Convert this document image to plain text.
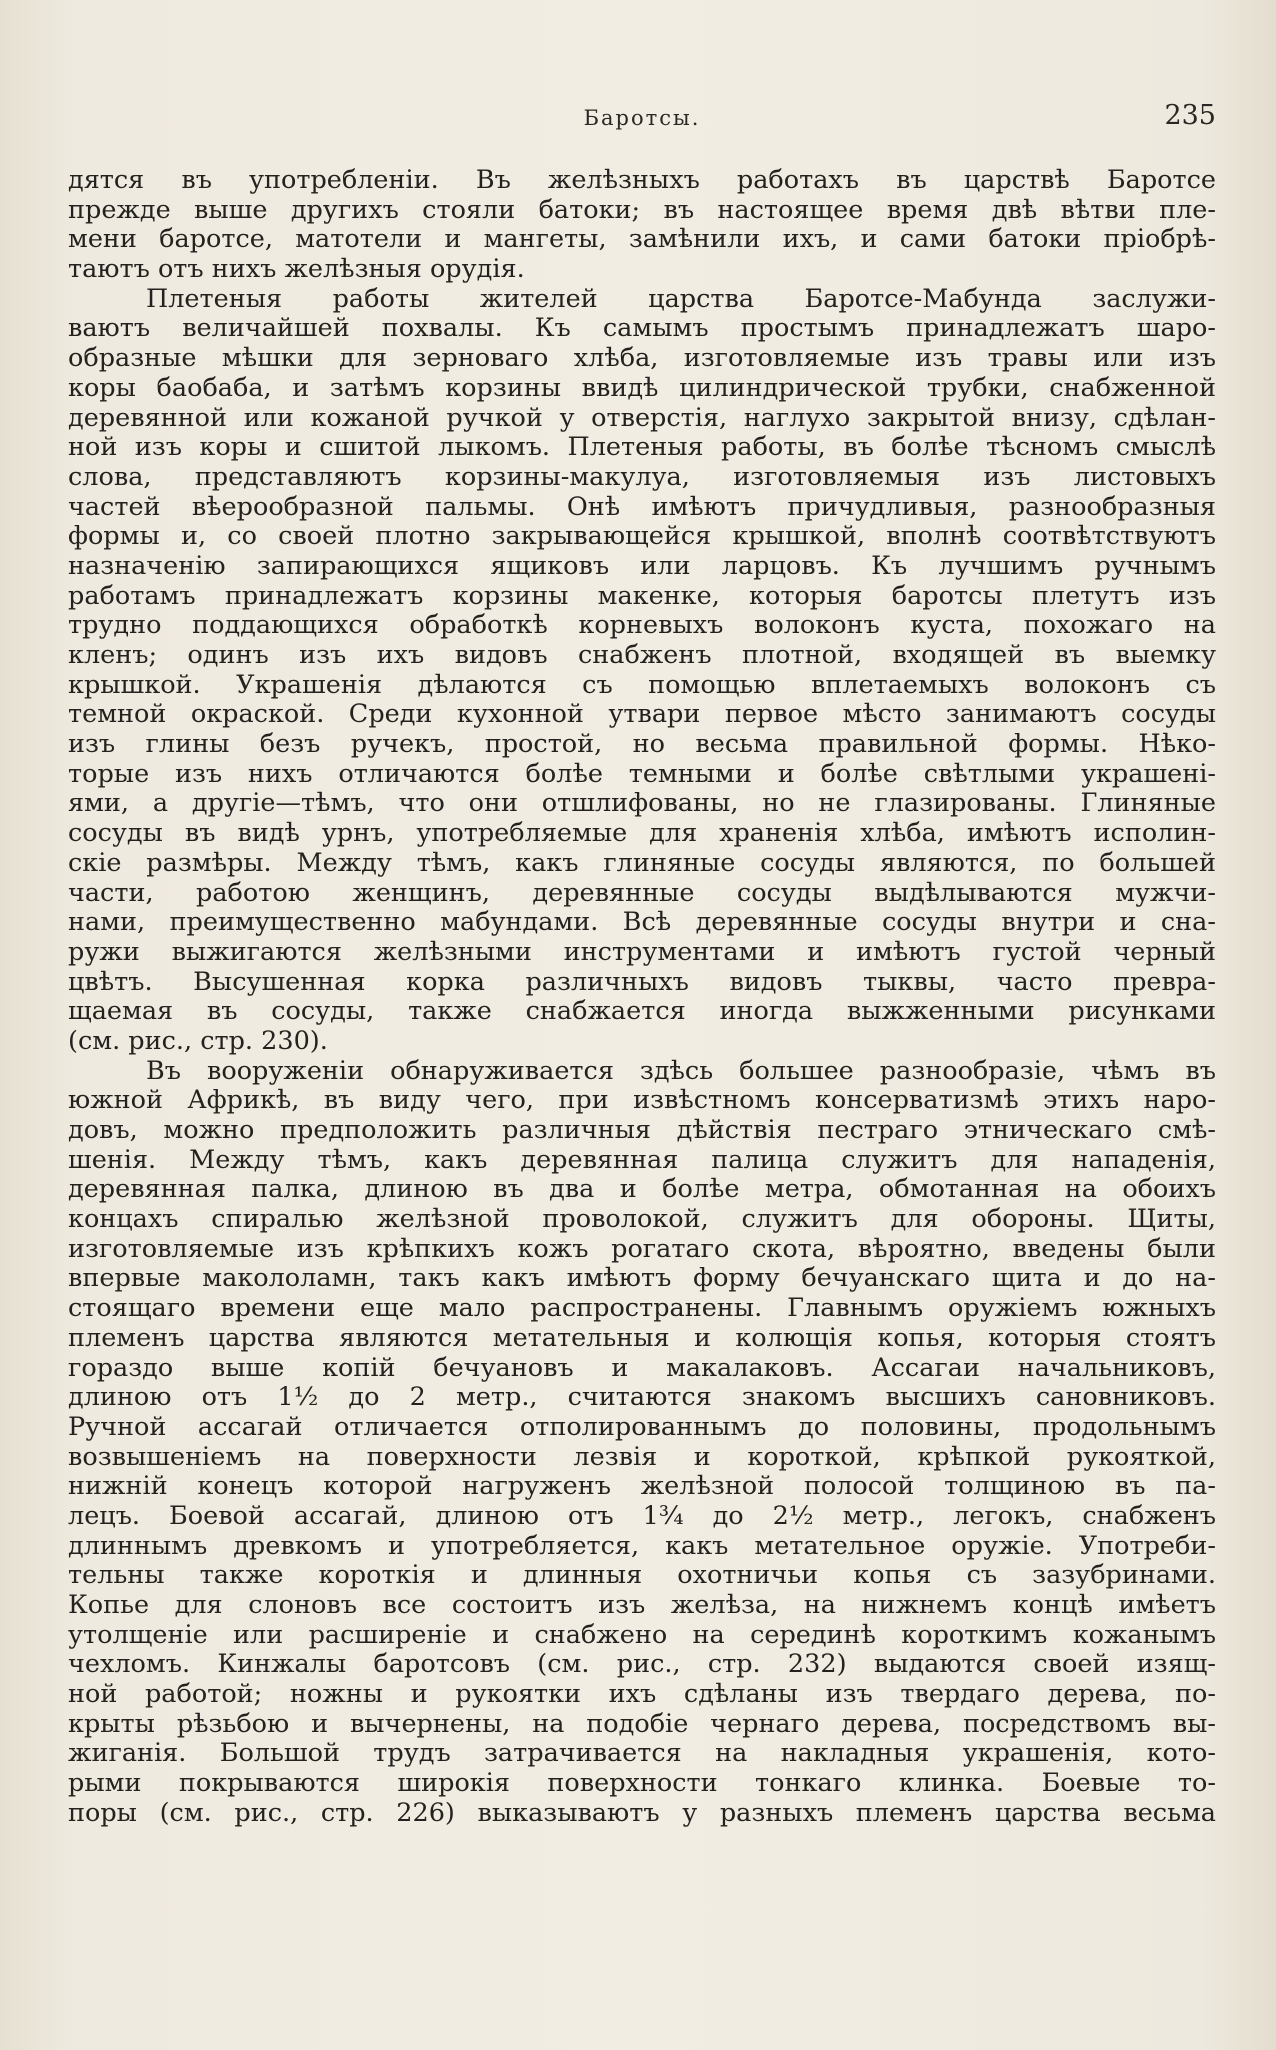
Баротсы.	235
дятся въ употребленіи. Въ желѣзныхъ работахъ въ царствѣ Баротсе
прежде выше другихъ стояли батоки; въ настоящее время двѣ вѣтви пле-
мени баротсе, матотели и мангеты, замѣнили ихъ, и сами батоки пріобрѣ-
таютъ отъ нихъ желѣзныя орудія.
Плетеныя работы жителей царства Баротсе-Мабунда заслужи-
ваютъ величайшей похвалы. Къ самымъ простымъ принадлежатъ шаро-
образные мѣшки для зерноваго хлѣба, изготовляемые изъ травы или изъ
коры баобаба, и затѣмъ корзины ввидѣ цилиндрической трубки, снабженной
деревянной или кожаной ручкой у отверстія, наглухо закрытой внизу, сдѣлан-
ной изъ коры и сшитой лыкомъ. Плетеныя работы, въ болѣе тѣсномъ смыслѣ
слова, представляютъ корзины-макулуа, изготовляемыя изъ листовыхъ
частей вѣерообразной пальмы. Онѣ имѣютъ причудливыя, разнообразныя
формы и, со своей плотно закрывающейся крышкой, вполнѣ соотвѣтствуютъ
назначенію запирающихся ящиковъ или ларцовъ. Къ лучшимъ ручнымъ
работамъ принадлежатъ корзины макенке, которыя баротсы плетутъ изъ
трудно поддающихся обработкѣ корневыхъ волоконъ куста, похожаго на
кленъ; одинъ изъ ихъ видовъ снабженъ плотной, входящей въ выемку
крышкой. Украшенія дѣлаются съ помощью вплетаемыхъ волоконъ съ
темной окраской. Среди кухонной утвари первое мѣсто занимаютъ сосуды
изъ глины безъ ручекъ, простой, но весьма правильной формы. Нѣко-
торые изъ нихъ отличаются болѣе темными и болѣе свѣтлыми украшені-
ями, а другіе—тѣмъ, что они отшлифованы, но не глазированы. Глиняные
сосуды въ видѣ урнъ, употребляемые для храненія хлѣба, имѣютъ исполин-
скіе размѣры. Между тѣмъ, какъ глиняные сосуды являются, по большей
части, работою женщинъ, деревянные сосуды выдѣлываются мужчи-
нами, преимущественно мабундами. Всѣ деревянные сосуды внутри и сна-
ружи выжигаются желѣзными инструментами и имѣютъ густой черный
цвѣтъ. Высушенная корка различныхъ видовъ тыквы, часто превра-
щаемая въ сосуды, также снабжается иногда выжженными рисунками
(см. рис., стр. 230).
Въ вооруженіи обнаруживается здѣсь большее разнообразіе, чѣмъ въ
южной Африкѣ, въ виду чего, при извѣстномъ консерватизмѣ этихъ наро-
довъ, можно предположить различныя дѣйствія пестраго этническаго смѣ-
шенія. Между тѣмъ, какъ деревянная палица служитъ для нападенія,
деревянная палка, длиною въ два и болѣе метра, обмотанная на обоихъ
концахъ спиралью желѣзной проволокой, служитъ для обороны. Щиты,
изготовляемые изъ крѣпкихъ кожъ рогатаго скота, вѣроятно, введены были
впервые макололамн, такъ какъ имѣютъ форму бечуанскаго щита и до на-
стоящаго времени еще мало распространены. Главнымъ оружіемъ южныхъ
племенъ царства являются метательныя и колющія копья, которыя стоятъ
гораздо выше копій бечуановъ и макалаковъ. Ассагаи начальниковъ,
длиною отъ 1½ до 2 метр., считаются знакомъ высшихъ сановниковъ.
Ручной ассагай отличается отполированнымъ до половины, продольнымъ
возвышеніемъ на поверхности лезвія и короткой, крѣпкой рукояткой,
нижній конецъ которой нагруженъ желѣзной полосой толщиною въ па-
лецъ. Боевой ассагай, длиною отъ 1¾ до 2½ метр., легокъ, снабженъ
длиннымъ древкомъ и употребляется, какъ метательное оружіе. Употреби-
тельны также короткія и длинныя охотничьи копья съ зазубринами.
Копье для слоновъ все состоитъ изъ желѣза, на нижнемъ концѣ имѣетъ
утолщеніе или расширеніе и снабжено на серединѣ короткимъ кожанымъ
чехломъ. Кинжалы баротсовъ (см. рис., стр. 232) выдаются своей изящ-
ной работой; ножны и рукоятки ихъ сдѣланы изъ твердаго дерева, по-
крыты рѣзьбою и вычернены, на подобіе чернаго дерева, посредствомъ вы-
жиганія. Большой трудъ затрачивается на накладныя украшенія, кото-
рыми покрываются широкія поверхности тонкаго клинка. Боевые то-
поры (см. рис., стр. 226) выказываютъ у разныхъ племенъ царства весьма
